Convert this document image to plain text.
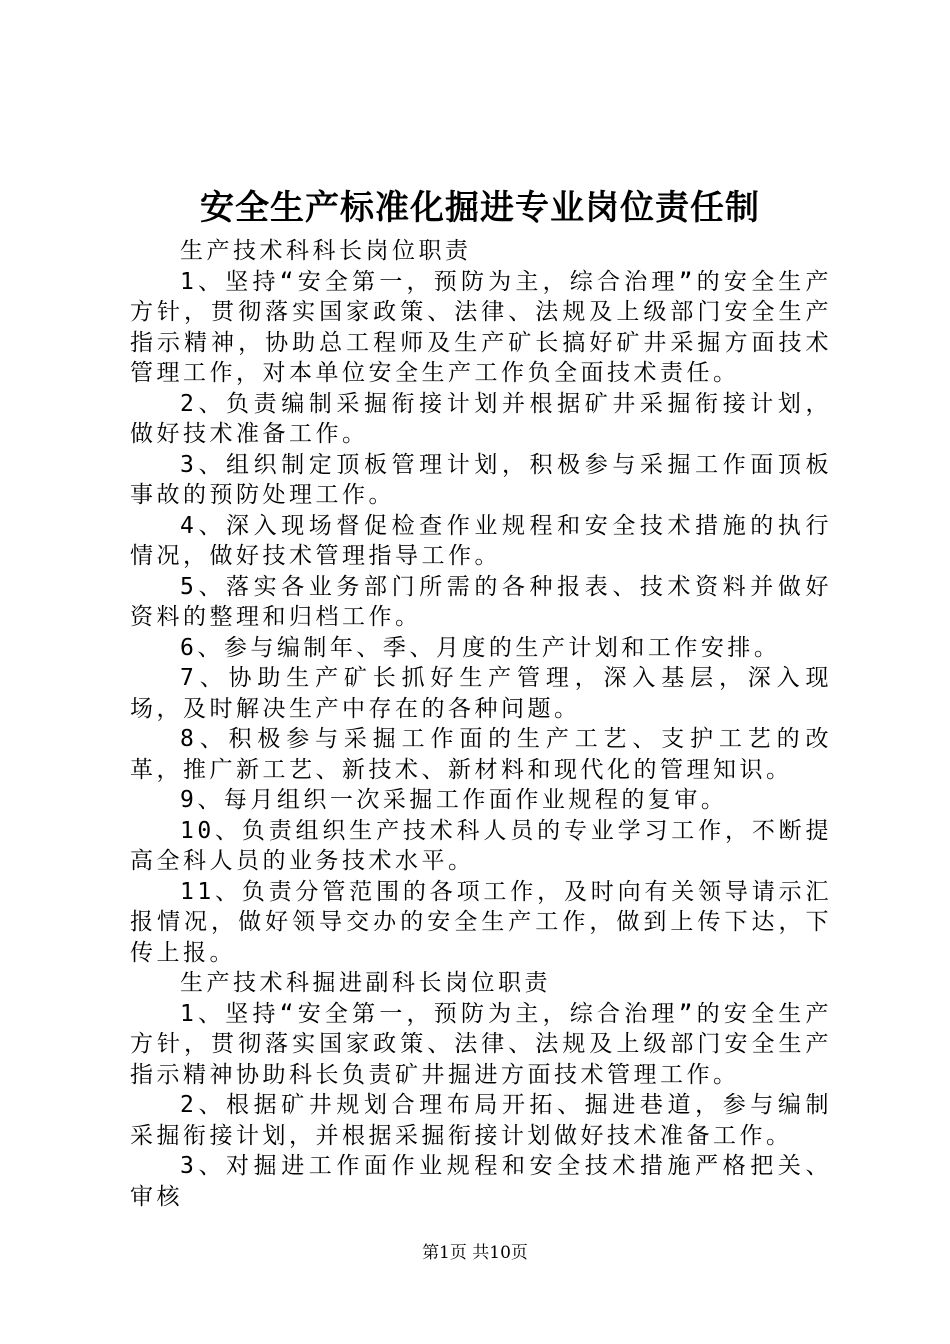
安全生产标准化掘进专业岗位责任制

生产技术科科长岗位职责

1、坚持“安全第一，预防为主，综合治理”的安全生产方针，贯彻落实国家政策、法律、法规及上级部门安全生产指示精神，协助总工程师及生产矿长搞好矿井采掘方面技术管理工作，对本单位安全生产工作负全面技术责任。

2、负责编制采掘衔接计划并根据矿井采掘衔接计划，做好技术准备工作。

3、组织制定顶板管理计划，积极参与采掘工作面顶板事故的预防处理工作。

4、深入现场督促检查作业规程和安全技术措施的执行情况，做好技术管理指导工作。

5、落实各业务部门所需的各种报表、技术资料并做好资料的整理和归档工作。

6、参与编制年、季、月度的生产计划和工作安排。

7、协助生产矿长抓好生产管理，深入基层，深入现场，及时解决生产中存在的各种问题。

8、积极参与采掘工作面的生产工艺、支护工艺的改革，推广新工艺、新技术、新材料和现代化的管理知识。

9、每月组织一次采掘工作面作业规程的复审。

10、负责组织生产技术科人员的专业学习工作，不断提高全科人员的业务技术水平。

11、负责分管范围的各项工作，及时向有关领导请示汇报情况，做好领导交办的安全生产工作，做到上传下达，下传上报。

生产技术科掘进副科长岗位职责

1、坚持“安全第一，预防为主，综合治理”的安全生产方针，贯彻落实国家政策、法律、法规及上级部门安全生产指示精神协助科长负责矿井掘进方面技术管理工作。

2、根据矿井规划合理布局开拓、掘进巷道，参与编制采掘衔接计划，并根据采掘衔接计划做好技术准备工作。

3、对掘进工作面作业规程和安全技术措施严格把关、审核

第1页 共10页
